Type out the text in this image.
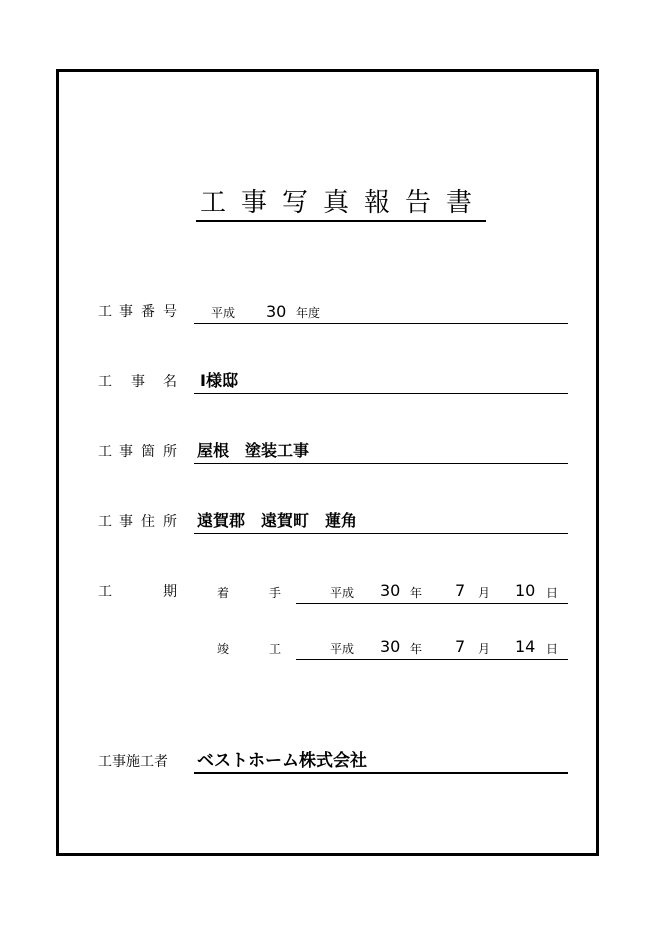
工 事 写 真 報 告 書
工 事 番 号	平成 30 年度
工 事 名 I様邸
工 事 箇 所 屋根　塗装工事
工 事 住 所 遠賀郡　遠賀町　蓮角
工	期	着	手	平成 30 年 7 月 10 日
竣	工	平成 30 年 7 月 14 日
工事施工者 ベストホーム株式会社
